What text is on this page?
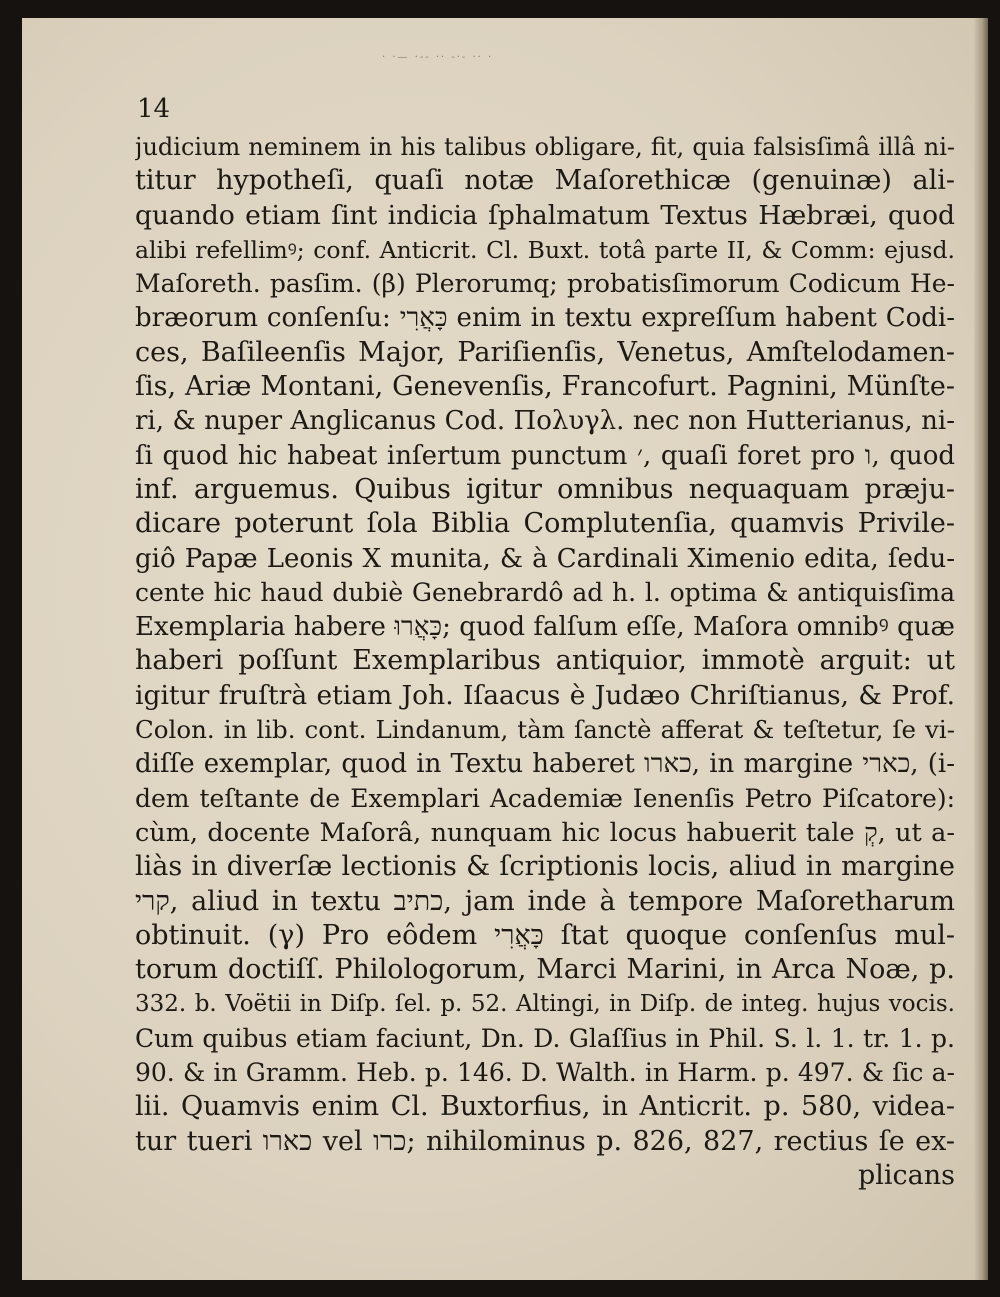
· ·— ·-- ·· -·- ·· ·
14
judicium neminem in his talibus obligare, fit, quia falsisſimâ illâ ni-
titur hypotheſi, quaſi notæ Maſorethicæ (genuinæ) ali-
quando etiam ſint indicia ſphalmatum Textus Hæbræi, quod
alibi refellimꝰ; conf. Anticrit. Cl. Buxt. totâ parte II, & Comm: ejusd.
Maſoreth. pasſim. (β) Plerorumq; probatisſimorum Codicum He-
bræorum conſenſu: כָּאֲרִי enim in textu expreſſum habent Codi-
ces, Baſileenſis Major, Pariſienſis, Venetus, Amſtelodamen-
ſis, Ariæ Montani, Genevenſis, Francofurt. Pagnini, Münſte-
ri, & nuper Anglicanus Cod. Πολυγλ. nec non Hutterianus, ni-
ſi quod hic habeat inſertum punctum ׳, quaſi foret pro ו, quod
inf. arguemus. Quibus igitur omnibus nequaquam præju-
dicare poterunt ſola Biblia Complutenſia, quamvis Privile-
giô Papæ Leonis X munita, & à Cardinali Ximenio edita, ſedu-
cente hic haud dubiè Genebrardô ad h. l. optima & antiquisſima
Exemplaria habere כָּאֲרוּ; quod falſum eſſe, Maſora omnibꝰ quæ
haberi poſſunt Exemplaribus antiquior, immotè arguit: ut
igitur fruſtrà etiam Joh. Iſaacus è Judæo Chriſtianus, & Prof.
Colon. in lib. cont. Lindanum, tàm ſanctè afferat & teſtetur, ſe vi-
diſſe exemplar, quod in Textu haberet כארו, in margine כארי, (i-
dem teſtante de Exemplari Academiæ Ienenſis Petro Piſcatore):
cùm, docente Maſorâ, nunquam hic locus habuerit tale קְ, ut a-
liàs in diverſæ lectionis & ſcriptionis locis, aliud in margine
קרי, aliud in textu כתיב, jam inde à tempore Maſoretharum
obtinuit. (γ) Pro eôdem כָּאֲרִי ſtat quoque conſenſus mul-
torum doctiſſ. Philologorum, Marci Marini, in Arca Noæ, p.
332. b. Voëtii in Diſp. ſel. p. 52. Altingi, in Diſp. de integ. hujus vocis.
Cum quibus etiam faciunt, Dn. D. Glaſſius in Phil. S. l. 1. tr. 1. p.
90. & in Gramm. Heb. p. 146. D. Walth. in Harm. p. 497. & ſic a-
lii. Quamvis enim Cl. Buxtorfius, in Anticrit. p. 580, videa-
tur tueri כארו vel כרו; nihilominus p. 826, 827, rectius ſe ex-
plicans
